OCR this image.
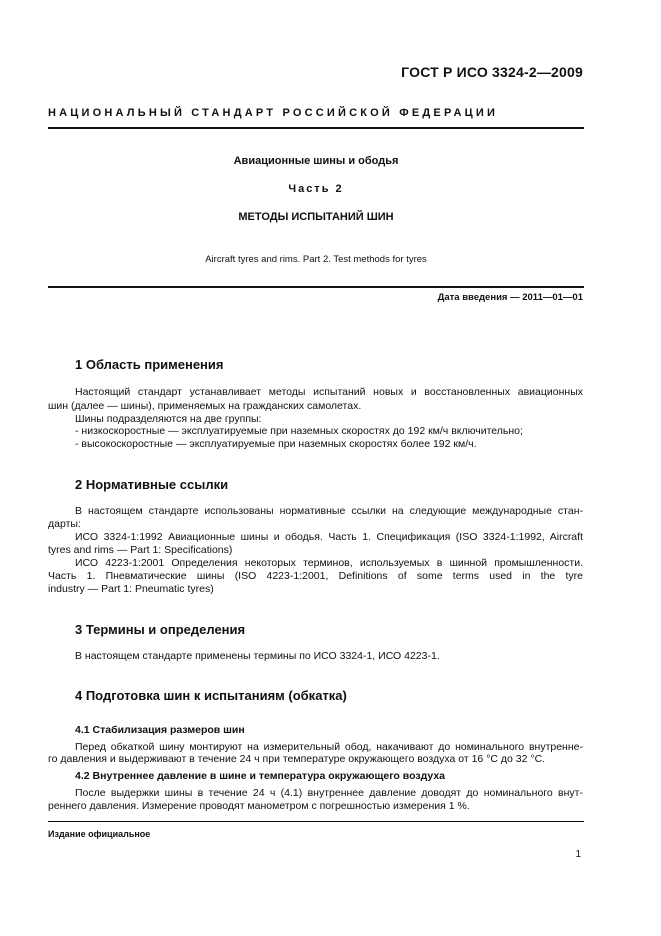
ГОСТ Р ИСО 3324-2—2009
НАЦИОНАЛЬНЫЙ СТАНДАРТ РОССИЙСКОЙ ФЕДЕРАЦИИ
Авиационные шины и ободья
Часть 2
МЕТОДЫ ИСПЫТАНИЙ ШИН
Aircraft tyres and rims. Part 2. Test methods for tyres
Дата введения — 2011—01—01
1 Область применения
Настоящий стандарт устанавливает методы испытаний новых и восстановленных авиационных
шин (далее — шины), применяемых на гражданских самолетах.
Шины подразделяются на две группы:
- низкоскоростные — эксплуатируемые при наземных скоростях до 192 км/ч включительно;
- высокоскоростные — эксплуатируемые при наземных скоростях более 192 км/ч.
2 Нормативные ссылки
В настоящем стандарте использованы нормативные ссылки на следующие международные стан-
дарты:
ИСО 3324-1:1992 Авиационные шины и ободья. Часть 1. Спецификация (ISO 3324-1:1992, Aircraft
tyres and rims — Part 1: Specifications)
ИСО 4223-1:2001 Определения некоторых терминов, используемых в шинной промышленности.
Часть 1. Пневматические шины (ISO 4223-1:2001, Definitions of some terms used in the tyre
industry — Part 1: Pneumatic tyres)
3 Термины и определения
В настоящем стандарте применены термины по ИСО 3324-1, ИСО 4223-1.
4 Подготовка шин к испытаниям (обкатка)
4.1 Стабилизация размеров шин
Перед обкаткой шину монтируют на измерительный обод, накачивают до номинального внутренне-
го давления и выдерживают в течение 24 ч при температуре окружающего воздуха от 16 °С до 32 °С.
4.2 Внутреннее давление в шине и температура окружающего воздуха
После выдержки шины в течение 24 ч (4.1) внутреннее давление доводят до номинального внут-
реннего давления. Измерение проводят манометром с погрешностью измерения 1 %.
Издание официальное
1
